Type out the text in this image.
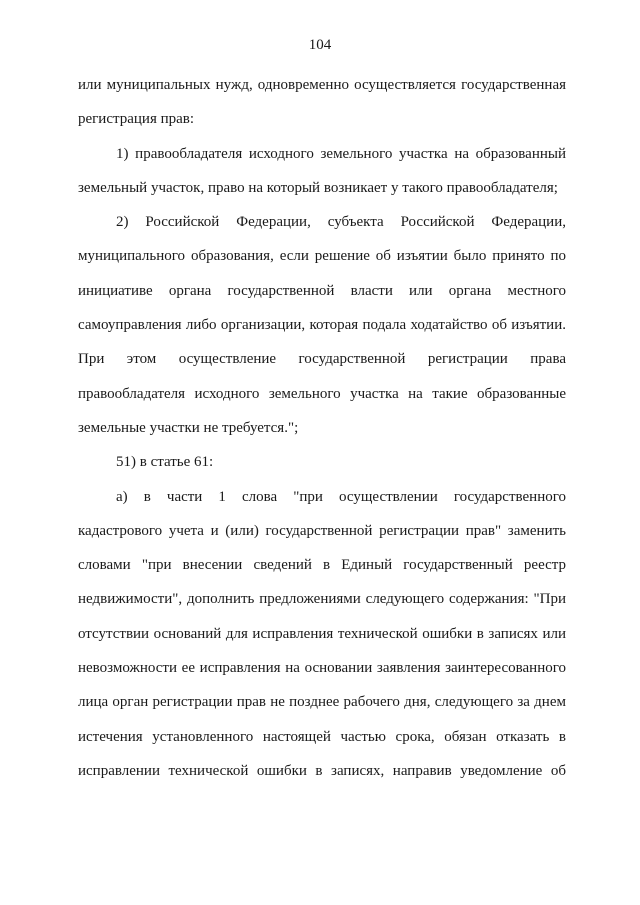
104

или муниципальных нужд, одновременно осуществляется государственная регистрация прав:

1) правообладателя исходного земельного участка на образованный земельный участок, право на который возникает у такого правообладателя;

2) Российской Федерации, субъекта Российской Федерации, муниципального образования, если решение об изъятии было принято по инициативе органа государственной власти или органа местного самоуправления либо организации, которая подала ходатайство об изъятии. При этом осуществление государственной регистрации права правообладателя исходного земельного участка на такие образованные земельные участки не требуется.";

51) в статье 61:

а) в части 1 слова "при осуществлении государственного кадастрового учета и (или) государственной регистрации прав" заменить словами "при внесении сведений в Единый государственный реестр недвижимости", дополнить предложениями следующего содержания: "При отсутствии оснований для исправления технической ошибки в записях или невозможности ее исправления на основании заявления заинтересованного лица орган регистрации прав не позднее рабочего дня, следующего за днем истечения установленного настоящей частью срока, обязан отказать в исправлении технической ошибки в записях, направив уведомление об
